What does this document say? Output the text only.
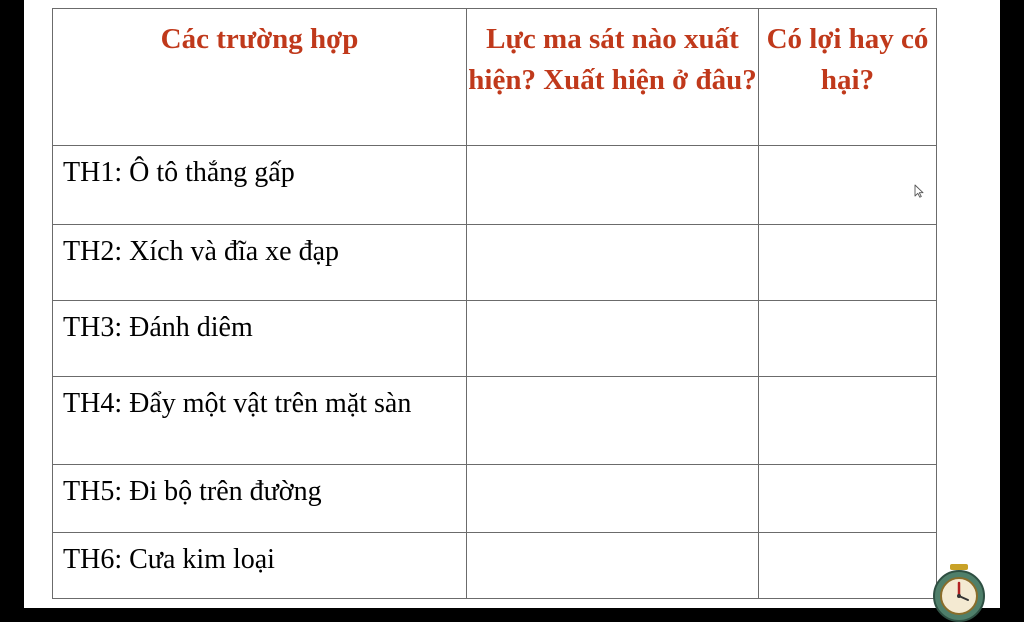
Các trường hợp	Lực ma sát nào xuất hiện? Xuất hiện ở đâu?	Có lợi hay có hại?
TH1: Ô tô thắng gấp		
TH2: Xích và đĩa xe đạp		
TH3: Đánh diêm		
TH4: Đẩy một vật trên mặt sàn		
TH5: Đi bộ trên đường		
TH6: Cưa kim loại		
